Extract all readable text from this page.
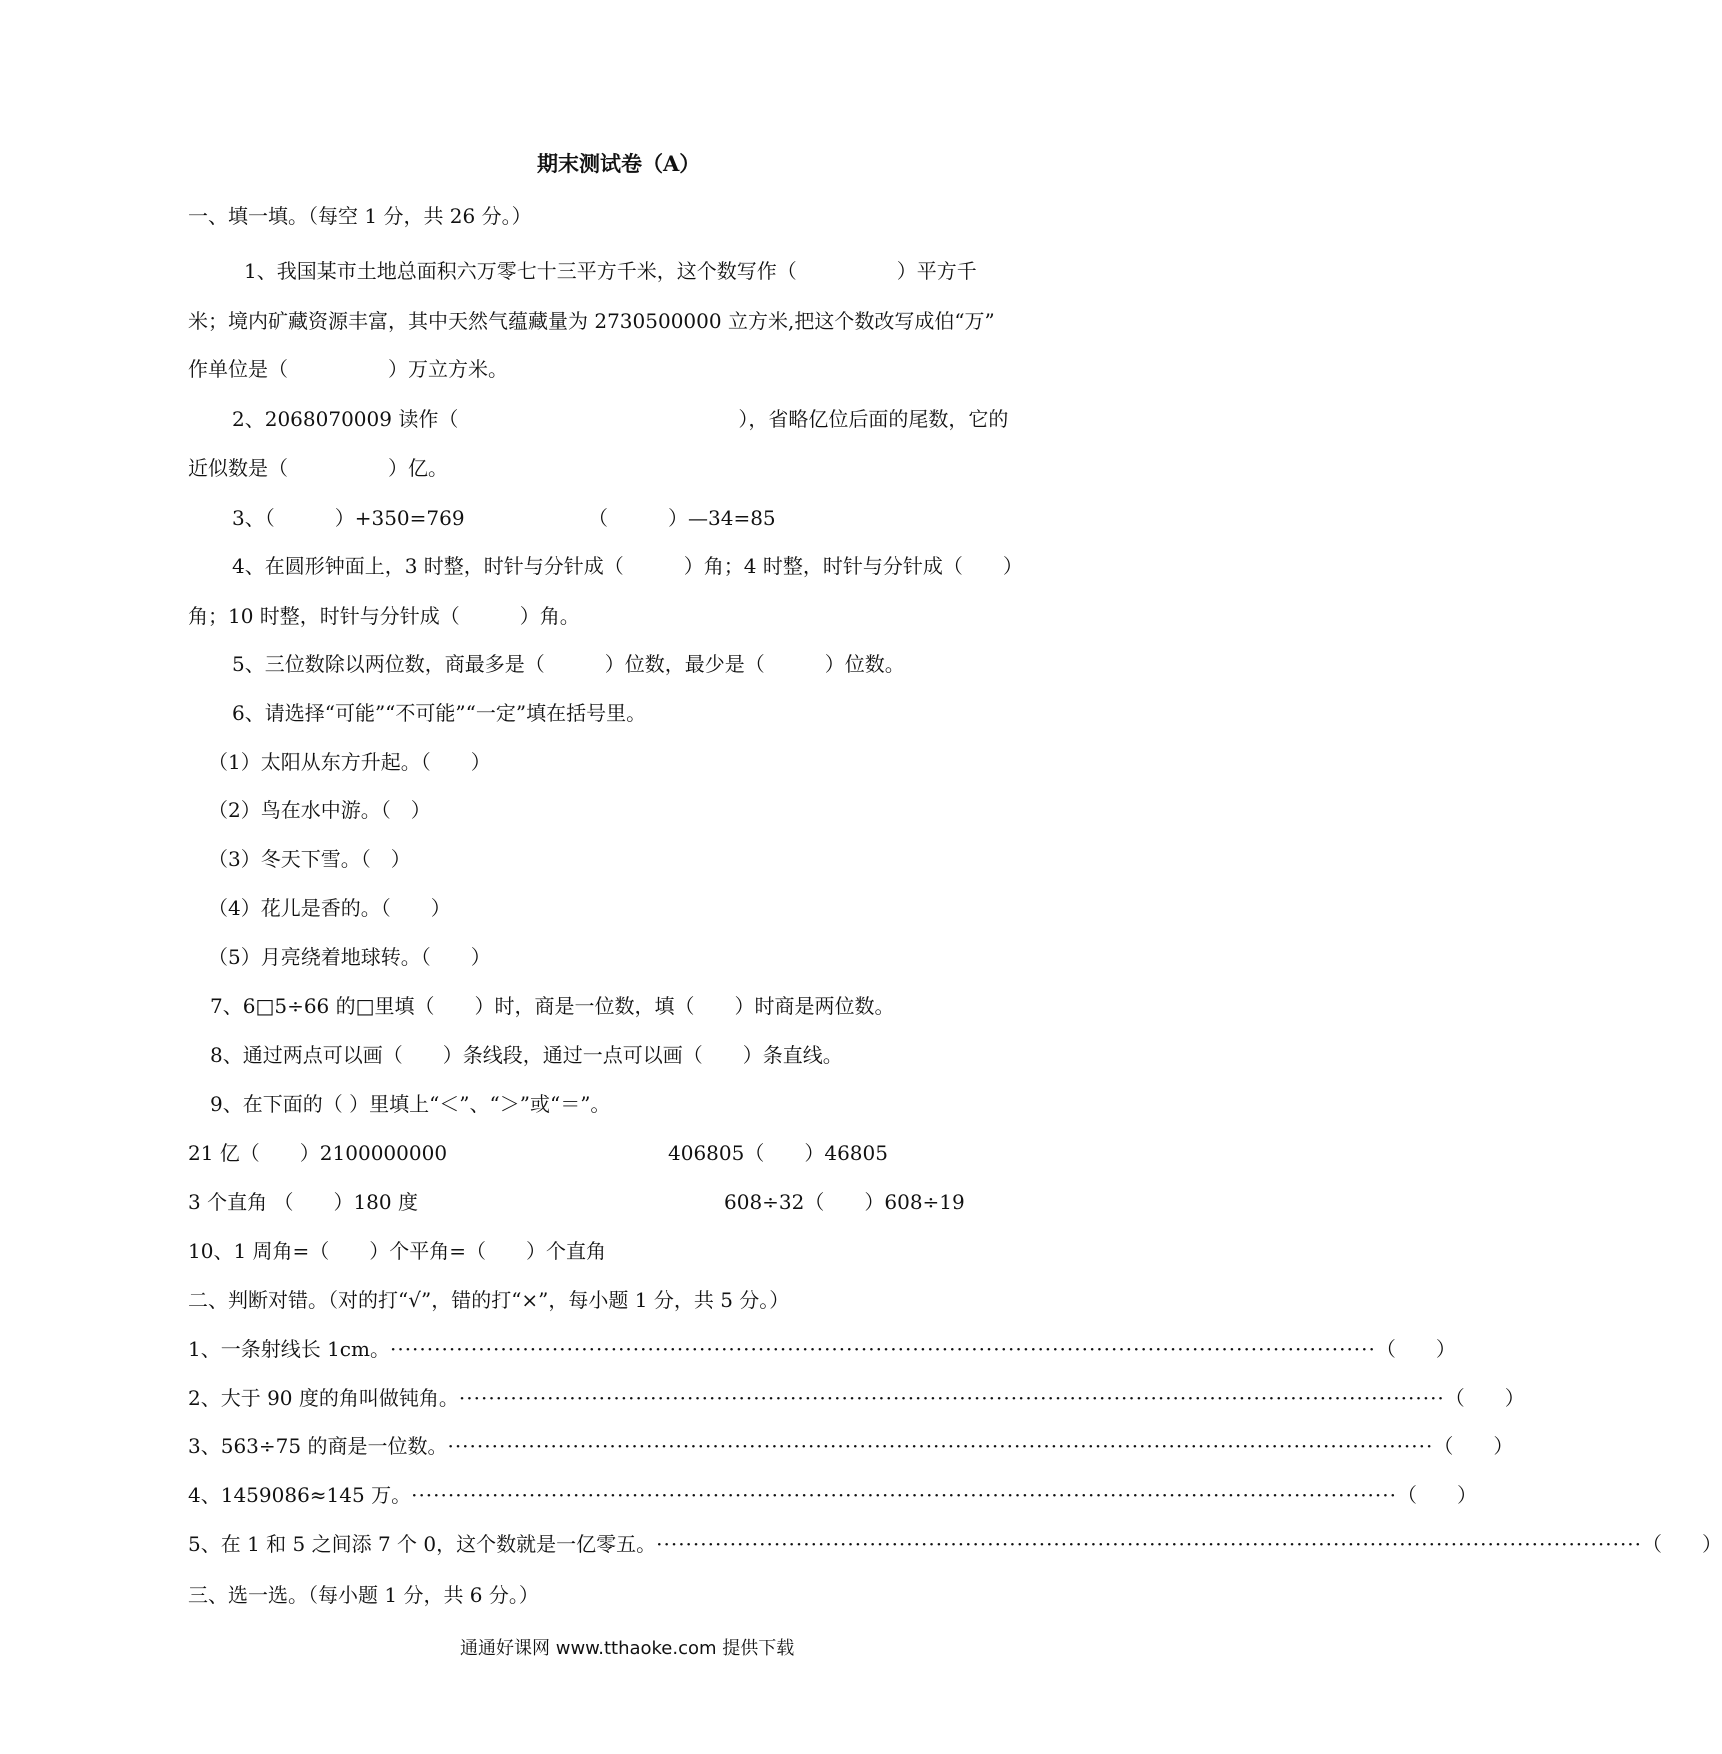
期末测试卷（A）
一、填一填。（每空 1 分，共 26 分。）
1、我国某市土地总面积六万零七十三平方千米，这个数写作（　　　　　）平方千
米；境内矿藏资源丰富，其中天然气蕴藏量为 2730500000 立方米,把这个数改写成伯“万”
作单位是（　　　　　）万立方米。
2、2068070009 读作（　　　　　　　　　　　　　　），省略亿位后面的尾数，它的
近似数是（　　　　　）亿。
3、（　　　）+350=769	（　　　）—34=85
4、在圆形钟面上，3 时整，时针与分针成（　　　）角；4 时整，时针与分针成（　　）
角；10 时整，时针与分针成（　　　）角。
5、三位数除以两位数，商最多是（　　　）位数，最少是（　　　）位数。
6、请选择“可能”“不可能”“一定”填在括号里。
（1）太阳从东方升起。（　　）
（2）鸟在水中游。（　）
（3）冬天下雪。（　）
（4）花儿是香的。（　　）
（5）月亮绕着地球转。（　　）
7、6□5÷66 的□里填（　　）时，商是一位数，填（　　）时商是两位数。
8、通过两点可以画（　　）条线段，通过一点可以画（　　）条直线。
9、在下面的（ ）里填上“＜”、“＞”或“＝”。
21 亿（　　）2100000000	406805（　　）46805
3 个直角 （　　）180 度	608÷32（　　）608÷19
10、1 周角=（　　）个平角=（　　）个直角
二、判断对错。（对的打“√”，错的打“×”，每小题 1 分，共 5 分。）
1、一条射线长 1cm。 ······································································································································ （　　）
2、大于 90 度的角叫做钝角。 ······································································································································ （　　）
3、563÷75 的商是一位数。 ······································································································································ （　　）
4、1459086≈145 万。 ······································································································································ （　　）
5、在 1 和 5 之间添 7 个 0，这个数就是一亿零五。 ······································································································································ （　　）
三、选一选。（每小题 1 分，共 6 分。）
通通好课网 www.tthaoke.com 提供下载
